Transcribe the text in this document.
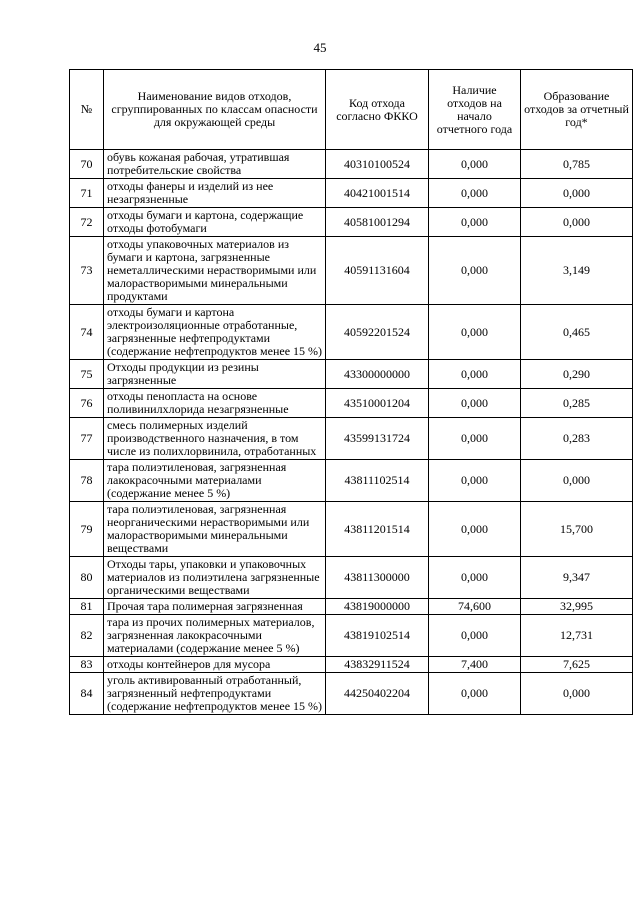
45
№	Наименование видов отходов, сгруппированных по классам опасности для окружающей среды	Код отхода согласно ФККО	Наличие отходов на начало отчетного года	Образование отходов за отчетный год*
70	обувь кожаная рабочая, утратившая потребительские свойства	40310100524	0,000	0,785
71	отходы фанеры и изделий из нее незагрязненные	40421001514	0,000	0,000
72	отходы бумаги и картона, содержащие отходы фотобумаги	40581001294	0,000	0,000
73	отходы упаковочных материалов из бумаги и картона, загрязненные неметаллическими нерастворимыми или малорастворимыми минеральными продуктами	40591131604	0,000	3,149
74	отходы бумаги и картона электроизоляционные отработанные, загрязненные нефтепродуктами (содержание нефтепродуктов менее 15 %)	40592201524	0,000	0,465
75	Отходы продукции из резины загрязненные	43300000000	0,000	0,290
76	отходы пенопласта на основе поливинилхлорида незагрязненные	43510001204	0,000	0,285
77	смесь полимерных изделий производственного назначения, в том числе из полихлорвинила, отработанных	43599131724	0,000	0,283
78	тара полиэтиленовая, загрязненная лакокрасочными материалами (содержание менее 5 %)	43811102514	0,000	0,000
79	тара полиэтиленовая, загрязненная неорганическими нерастворимыми или малорастворимыми минеральными веществами	43811201514	0,000	15,700
80	Отходы тары, упаковки и упаковочных материалов из полиэтилена загрязненные органическими веществами	43811300000	0,000	9,347
81	Прочая тара полимерная загрязненная	43819000000	74,600	32,995
82	тара из прочих полимерных материалов, загрязненная лакокрасочными материалами (содержание менее 5 %)	43819102514	0,000	12,731
83	отходы контейнеров для мусора	43832911524	7,400	7,625
84	уголь активированный отработанный, загрязненный нефтепродуктами (содержание нефтепродуктов менее 15 %)	44250402204	0,000	0,000
